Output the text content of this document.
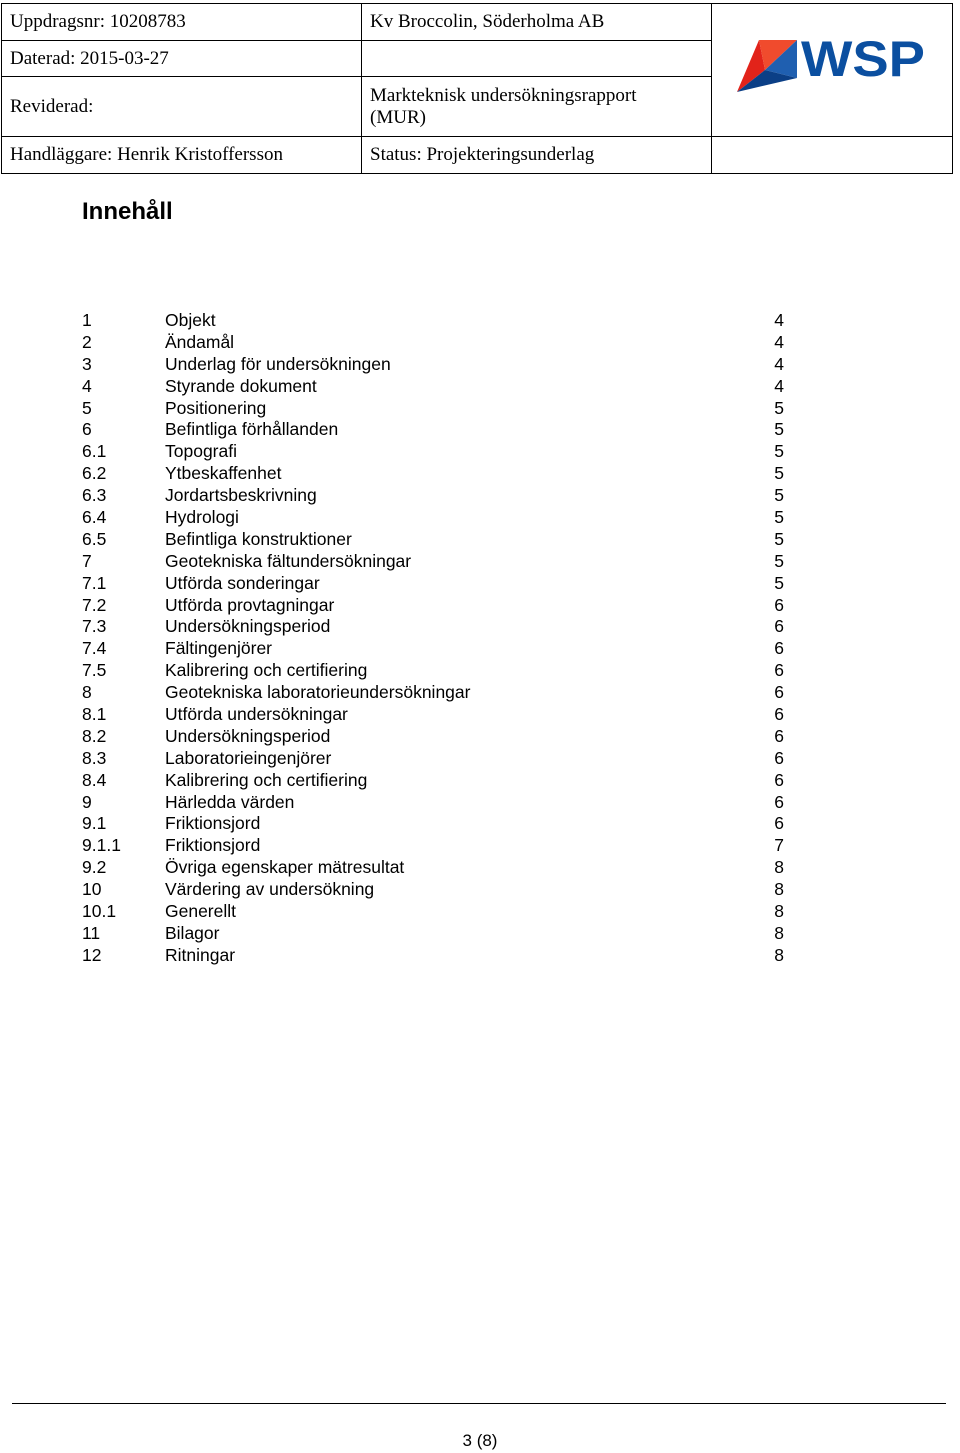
Uppdragsnr: 10208783	Kv Broccolin, Söderholma AB	WSP

Daterad: 2015-03-27		
Reviderad:	Markteknisk undersökningsrapport
(MUR)	

Handläggare: Henrik Kristoffersson	Status: Projekteringsunderlag	
Innehåll
1	Objekt	4
2	Ändamål	4
3	Underlag för undersökningen	4
4	Styrande dokument	4
5	Positionering	5
6	Befintliga förhållanden	5
6.1	Topografi	5
6.2	Ytbeskaffenhet	5
6.3	Jordartsbeskrivning	5
6.4	Hydrologi	5
6.5	Befintliga konstruktioner	5
7	Geotekniska fältundersökningar	5
7.1	Utförda sonderingar	5
7.2	Utförda provtagningar	6
7.3	Undersökningsperiod	6
7.4	Fältingenjörer	6
7.5	Kalibrering och certifiering	6
8	Geotekniska laboratorieundersökningar	6
8.1	Utförda undersökningar	6
8.2	Undersökningsperiod	6
8.3	Laboratorieingenjörer	6
8.4	Kalibrering och certifiering	6
9	Härledda värden	6
9.1	Friktionsjord	6
9.1.1	Friktionsjord	7
9.2	Övriga egenskaper mätresultat	8
10	Värdering av undersökning	8
10.1	Generellt	8
11	Bilagor	8
12	Ritningar	8
3 (8)
